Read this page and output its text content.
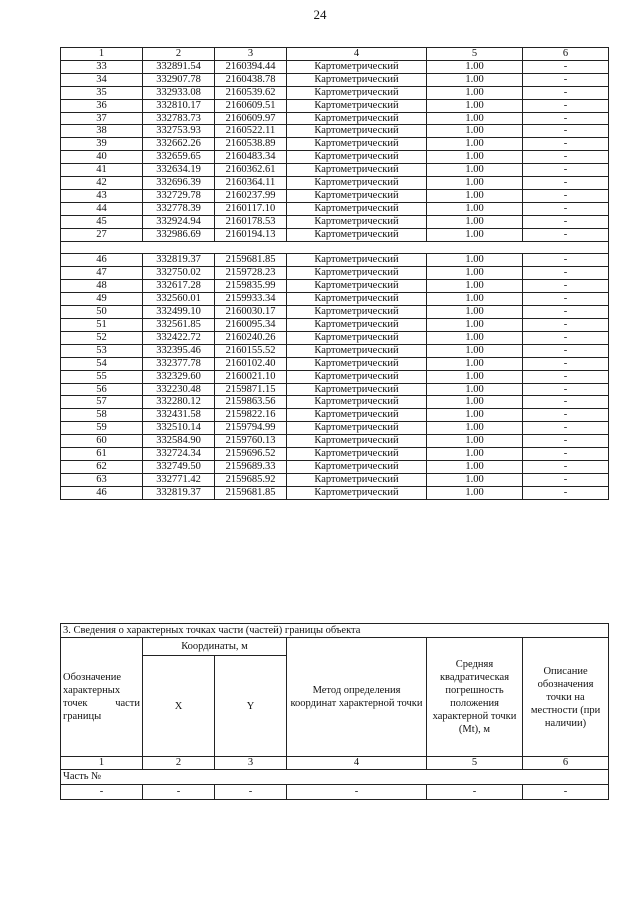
24
1	2	3	4	5	6
33	332891.54	2160394.44	Картометрический	1.00	-
34	332907.78	2160438.78	Картометрический	1.00	-
35	332933.08	2160539.62	Картометрический	1.00	-
36	332810.17	2160609.51	Картометрический	1.00	-
37	332783.73	2160609.97	Картометрический	1.00	-
38	332753.93	2160522.11	Картометрический	1.00	-
39	332662.26	2160538.89	Картометрический	1.00	-
40	332659.65	2160483.34	Картометрический	1.00	-
41	332634.19	2160362.61	Картометрический	1.00	-
42	332696.39	2160364.11	Картометрический	1.00	-
43	332729.78	2160237.99	Картометрический	1.00	-
44	332778.39	2160117.10	Картометрический	1.00	-
45	332924.94	2160178.53	Картометрический	1.00	-
27	332986.69	2160194.13	Картометрический	1.00	-

46	332819.37	2159681.85	Картометрический	1.00	-
47	332750.02	2159728.23	Картометрический	1.00	-
48	332617.28	2159835.99	Картометрический	1.00	-
49	332560.01	2159933.34	Картометрический	1.00	-
50	332499.10	2160030.17	Картометрический	1.00	-
51	332561.85	2160095.34	Картометрический	1.00	-
52	332422.72	2160240.26	Картометрический	1.00	-
53	332395.46	2160155.52	Картометрический	1.00	-
54	332377.78	2160102.40	Картометрический	1.00	-
55	332329.60	2160021.10	Картометрический	1.00	-
56	332230.48	2159871.15	Картометрический	1.00	-
57	332280.12	2159863.56	Картометрический	1.00	-
58	332431.58	2159822.16	Картометрический	1.00	-
59	332510.14	2159794.99	Картометрический	1.00	-
60	332584.90	2159760.13	Картометрический	1.00	-
61	332724.34	2159696.52	Картометрический	1.00	-
62	332749.50	2159689.33	Картометрический	1.00	-
63	332771.42	2159685.92	Картометрический	1.00	-
46	332819.37	2159681.85	Картометрический	1.00	-
3. Сведения о характерных точках части (частей) границы объекта					
Обозначение характерных точек части границы	Координаты, м		Метод определения координат характерной точки	Средняя квадратическая погрешность положения характерной точки (Mt), м	Описание обозначения точки на местности (при наличии)
	X	Y			
1	2	3	4	5	6
Часть №					
-	-	-	-	-	-
